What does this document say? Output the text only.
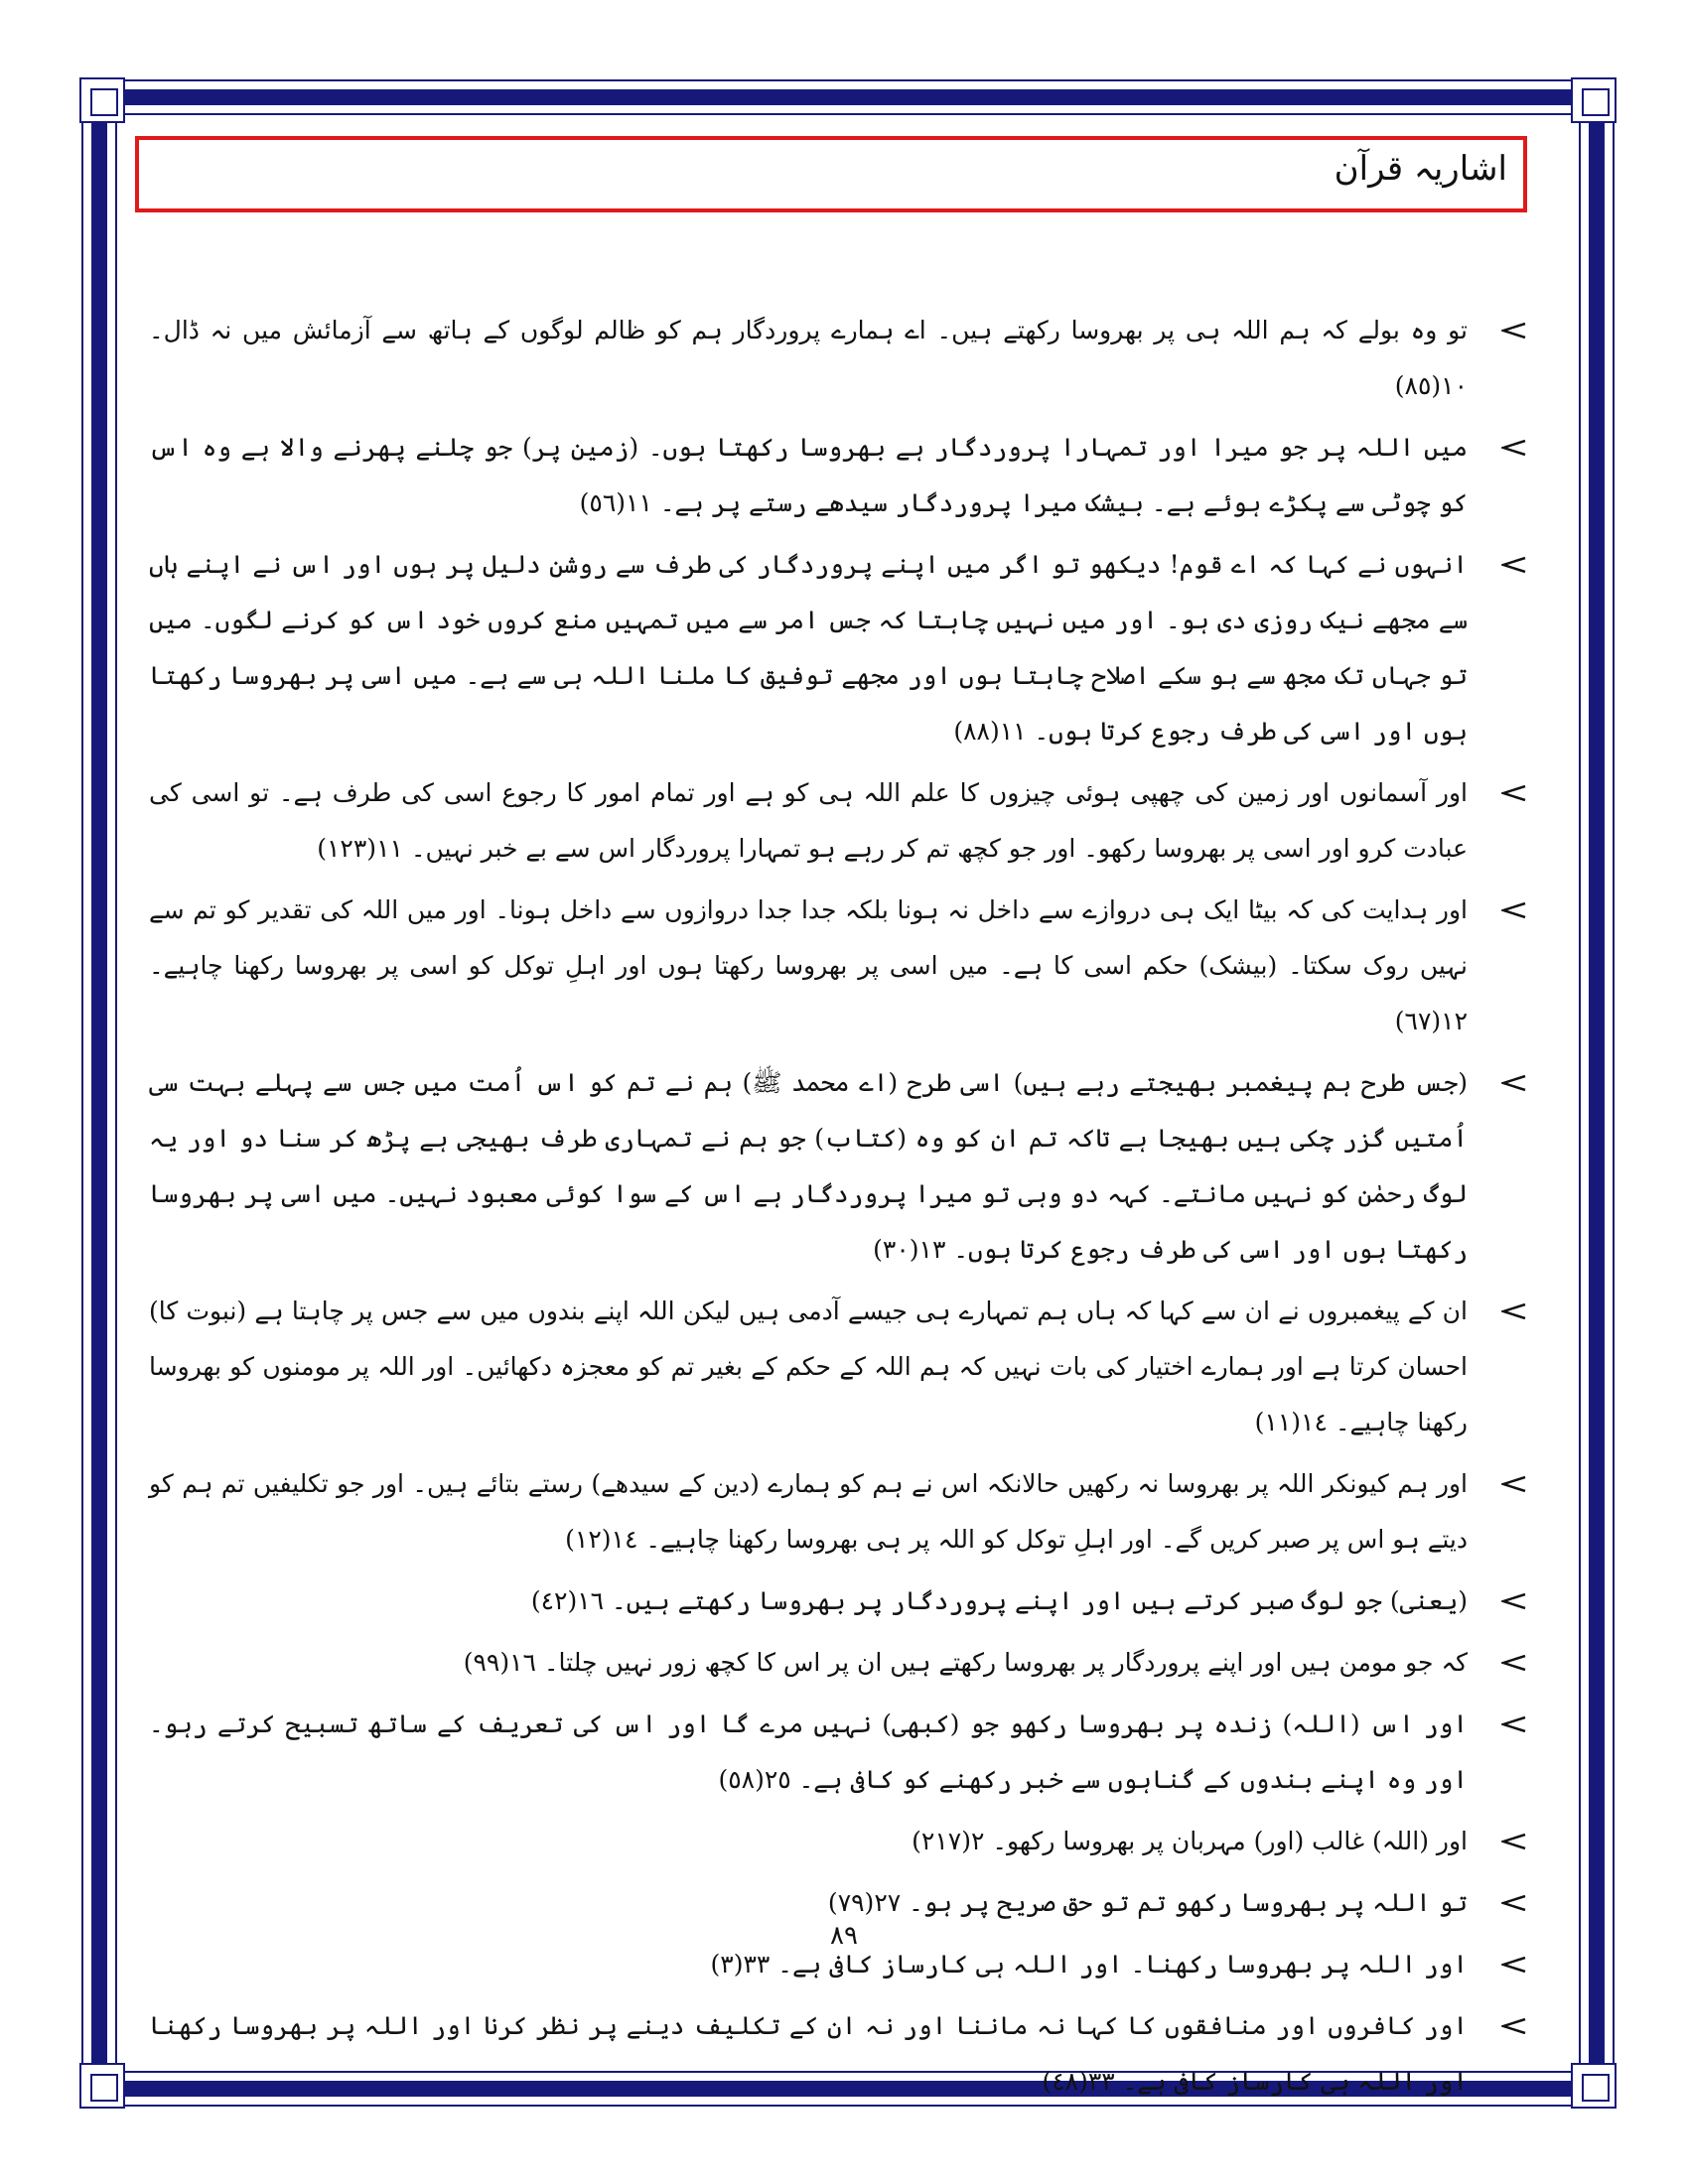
اشاریہ قرآن
تو وہ بولے کہ ہم اللہ ہی پر بھروسا رکھتے ہیں۔ اے ہمارے پروردگار ہم کو ظالم لوگوں کے ہاتھ سے آزمائش میں نہ ڈال۔ ١٠(٨٥)
میں اللہ پر جو میرا اور تمہارا پروردگار ہے بھروسا رکھتا ہوں۔ (زمین پر) جو چلنے پھرنے والا ہے وہ اس کو چوٹی سے پکڑے ہوئے ہے۔ بیشک میرا پروردگار سیدھے رستے پر ہے۔ ١١(٥٦)
انہوں نے کہا کہ اے قوم! دیکھو تو اگر میں اپنے پروردگار کی طرف سے روشن دلیل پر ہوں اور اس نے اپنے ہاں سے مجھے نیک روزی دی ہو۔ اور میں نہیں چاہتا کہ جس امر سے میں تمہیں منع کروں خود اس کو کرنے لگوں۔ میں تو جہاں تک مجھ سے ہو سکے اصلاح چاہتا ہوں اور مجھے توفیق کا ملنا اللہ ہی سے ہے۔ میں اسی پر بھروسا رکھتا ہوں اور اسی کی طرف رجوع کرتا ہوں۔ ١١(٨٨)
اور آسمانوں اور زمین کی چھپی ہوئی چیزوں کا علم اللہ ہی کو ہے اور تمام امور کا رجوع اسی کی طرف ہے۔ تو اسی کی عبادت کرو اور اسی پر بھروسا رکھو۔ اور جو کچھ تم کر رہے ہو تمہارا پروردگار اس سے بے خبر نہیں۔ ١١(١٢٣)
اور ہدایت کی کہ بیٹا ایک ہی دروازے سے داخل نہ ہونا بلکہ جدا جدا دروازوں سے داخل ہونا۔ اور میں اللہ کی تقدیر کو تم سے نہیں روک سکتا۔ (بیشک) حکم اسی کا ہے۔ میں اسی پر بھروسا رکھتا ہوں اور اہلِ توکل کو اسی پر بھروسا رکھنا چاہیے۔ ١٢(٦٧)
(جس طرح ہم پیغمبر بھیجتے رہے ہیں) اسی طرح (اے محمد ﷺ) ہم نے تم کو اس اُمت میں جس سے پہلے بہت سی اُمتیں گزر چکی ہیں بھیجا ہے تاکہ تم ان کو وہ (کتاب) جو ہم نے تمہاری طرف بھیجی ہے پڑھ کر سنا دو اور یہ لوگ رحمٰن کو نہیں مانتے۔ کہہ دو وہی تو میرا پروردگار ہے اس کے سوا کوئی معبود نہیں۔ میں اسی پر بھروسا رکھتا ہوں اور اسی کی طرف رجوع کرتا ہوں۔ ١٣(٣٠)
ان کے پیغمبروں نے ان سے کہا کہ ہاں ہم تمہارے ہی جیسے آدمی ہیں لیکن اللہ اپنے بندوں میں سے جس پر چاہتا ہے (نبوت کا) احسان کرتا ہے اور ہمارے اختیار کی بات نہیں کہ ہم اللہ کے حکم کے بغیر تم کو معجزہ دکھائیں۔ اور اللہ پر مومنوں کو بھروسا رکھنا چاہیے۔ ١٤(١١)
اور ہم کیونکر اللہ پر بھروسا نہ رکھیں حالانکہ اس نے ہم کو ہمارے (دین کے سیدھے) رستے بتائے ہیں۔ اور جو تکلیفیں تم ہم کو دیتے ہو اس پر صبر کریں گے۔ اور اہلِ توکل کو اللہ پر ہی بھروسا رکھنا چاہیے۔ ١٤(١٢)
(یعنی) جو لوگ صبر کرتے ہیں اور اپنے پروردگار پر بھروسا رکھتے ہیں۔ ١٦(٤٢)
کہ جو مومن ہیں اور اپنے پروردگار پر بھروسا رکھتے ہیں ان پر اس کا کچھ زور نہیں چلتا۔ ١٦(٩٩)
اور اس (اللہ) زندہ پر بھروسا رکھو جو (کبھی) نہیں مرے گا اور اس کی تعریف کے ساتھ تسبیح کرتے رہو۔ اور وہ اپنے بندوں کے گناہوں سے خبر رکھنے کو کافی ہے۔ ٢٥(٥٨)
اور (اللہ) غالب (اور) مہربان پر بھروسا رکھو۔ ٢(٢١٧)
تو اللہ پر بھروسا رکھو تم تو حق صریح پر ہو۔ ٢٧(٧٩)
اور اللہ پر بھروسا رکھنا۔ اور اللہ ہی کارساز کافی ہے۔ ٣٣(٣)
اور کافروں اور منافقوں کا کہا نہ ماننا اور نہ ان کے تکلیف دینے پر نظر کرنا اور اللہ پر بھروسا رکھنا اور اللہ ہی کارساز کافی ہے۔ ٣٣(٤٨)
٨٩
